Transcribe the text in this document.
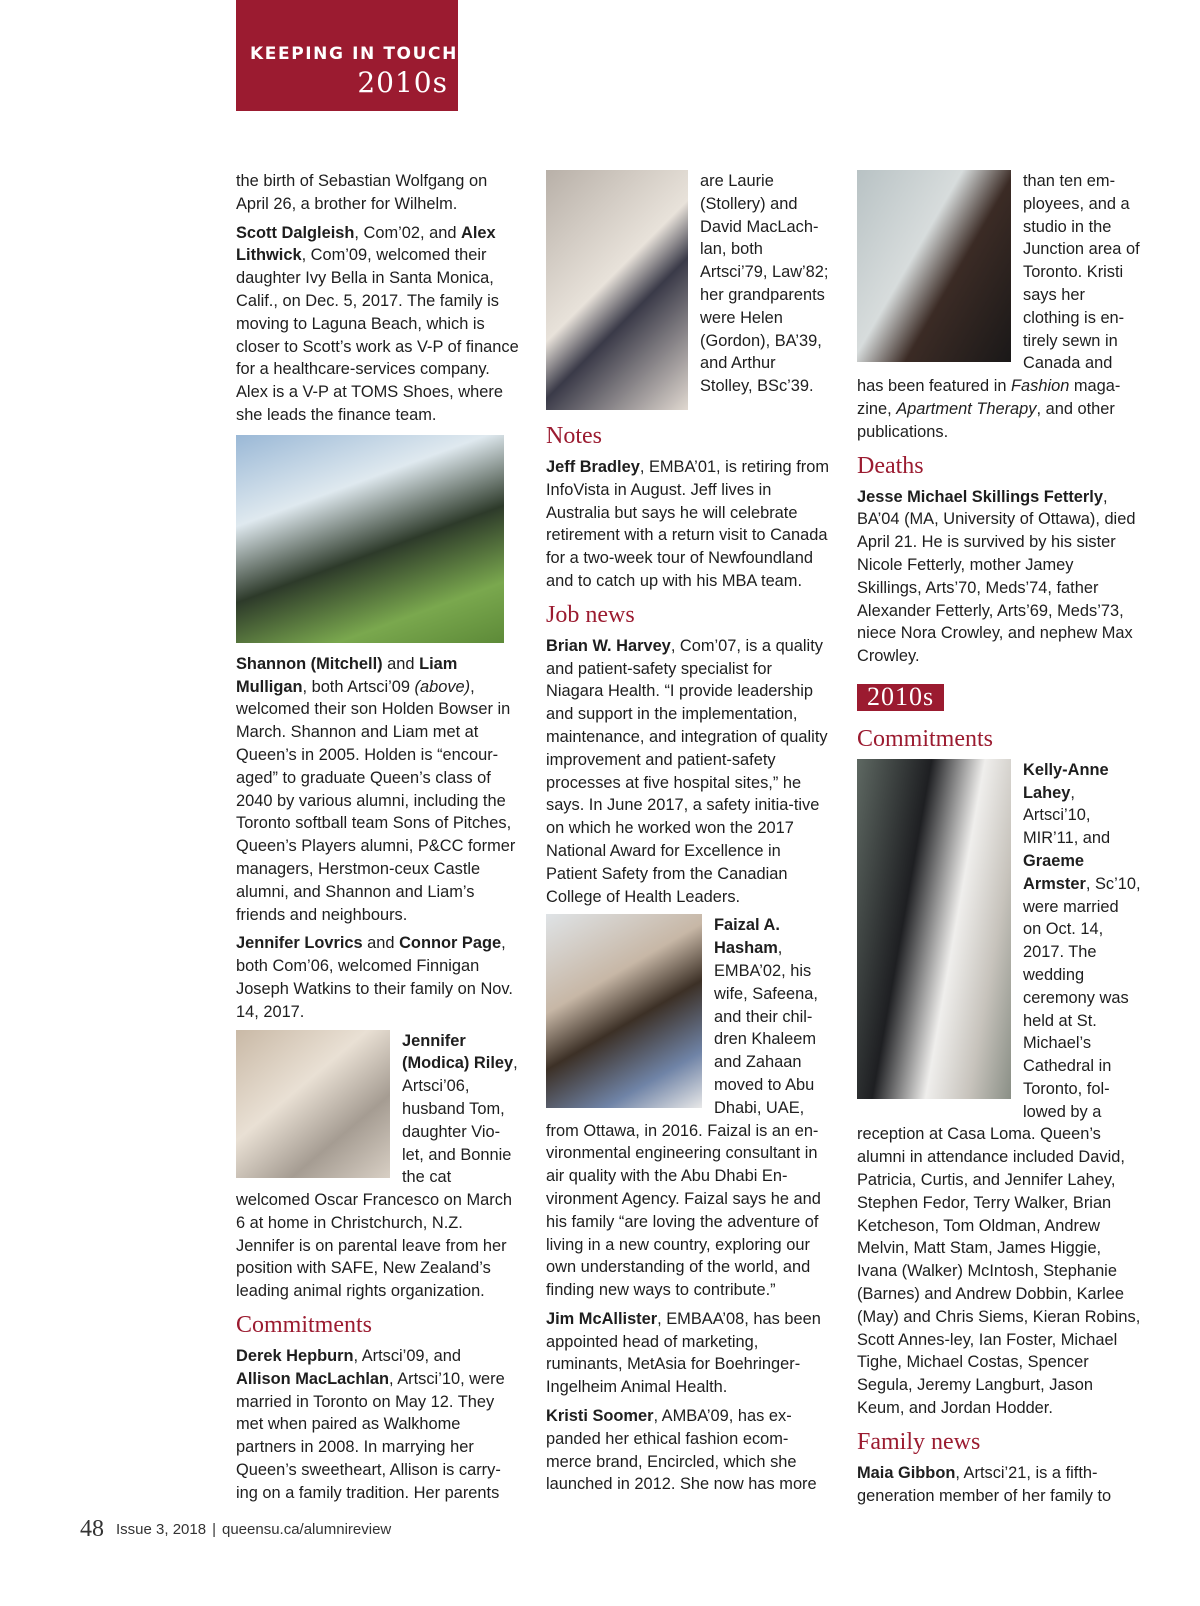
KEEPING IN TOUCH
2010s

the birth of Sebastian Wolfgang on April 26, a brother for Wilhelm.

Scott Dalgleish, Com’02, and Alex Lithwick, Com’09, welcomed their daughter Ivy Bella in Santa Monica, Calif., on Dec. 5, 2017. The family is moving to Laguna Beach, which is closer to Scott’s work as V-P of finance for a healthcare-services company. Alex is a V-P at TOMS Shoes, where she leads the finance team.

Shannon (Mitchell) and Liam Mulligan, both Artsci’09 (above), welcomed their son Holden Bowser in March. Shannon and Liam met at Queen’s in 2005. Holden is “encour-aged” to graduate Queen’s class of 2040 by various alumni, including the Toronto softball team Sons of Pitches, Queen’s Players alumni, P&CC former managers, Herstmon-ceux Castle alumni, and Shannon and Liam’s friends and neighbours.

Jennifer Lovrics and Connor Page, both Com’06, welcomed Finnigan Joseph Watkins to their family on Nov. 14, 2017.

Jennifer (Modica) Riley, Artsci’06, husband Tom, daughter Vio-let, and Bonnie the cat welcomed Oscar Francesco on March 6 at home in Christchurch, N.Z. Jennifer is on parental leave from her position with SAFE, New Zealand’s leading animal rights organization.

Commitments

Derek Hepburn, Artsci’09, and Allison MacLachlan, Artsci’10, were married in Toronto on May 12. They met when paired as Walkhome partners in 2008. In marrying her Queen’s sweetheart, Allison is carry-ing on a family tradition. Her parents

are Laurie (Stollery) and David MacLach-lan, both Artsci’79, Law’82; her grandparents were Helen (Gordon), BA’39, and Arthur Stolley, BSc’39.

Notes

Jeff Bradley, EMBA’01, is retiring from InfoVista in August. Jeff lives in Australia but says he will celebrate retirement with a return visit to Canada for a two-week tour of Newfoundland and to catch up with his MBA team.

Job news

Brian W. Harvey, Com’07, is a quality and patient-safety specialist for Niagara Health. “I provide leadership and support in the implementation, maintenance, and integration of quality improvement and patient-safety processes at five hospital sites,” he says. In June 2017, a safety initia-tive on which he worked won the 2017 National Award for Excellence in Patient Safety from the Canadian College of Health Leaders.

Faizal A. Hasham, EMBA’02, his wife, Safeena, and their chil-dren Khaleem and Zahaan moved to Abu Dhabi, UAE, from Ottawa, in 2016. Faizal is an en-vironmental engineering consultant in air quality with the Abu Dhabi En-vironment Agency. Faizal says he and his family “are loving the adventure of living in a new country, exploring our own understanding of the world, and finding new ways to contribute.”

Jim McAllister, EMBAA’08, has been appointed head of marketing, ruminants, MetAsia for Boehringer-Ingelheim Animal Health.

Kristi Soomer, AMBA’09, has ex-panded her ethical fashion ecom-merce brand, Encircled, which she launched in 2012. She now has more

than ten em-ployees, and a studio in the Junction area of Toronto. Kristi says her clothing is en-tirely sewn in Canada and has been featured in Fashion maga-zine, Apartment Therapy, and other publications.

Deaths

Jesse Michael Skillings Fetterly, BA’04 (MA, University of Ottawa), died April 21. He is survived by his sister Nicole Fetterly, mother Jamey Skillings, Arts’70, Meds’74, father Alexander Fetterly, Arts’69, Meds’73, niece Nora Crowley, and nephew Max Crowley.

2010s
Commitments

Kelly-Anne Lahey, Artsci’10, MIR’11, and Graeme Armster, Sc’10, were married on Oct. 14, 2017. The wedding ceremony was held at St. Michael’s Cathedral in Toronto, fol-lowed by a reception at Casa Loma. Queen’s alumni in attendance included David, Patricia, Curtis, and Jennifer Lahey, Stephen Fedor, Terry Walker, Brian Ketcheson, Tom Oldman, Andrew Melvin, Matt Stam, James Higgie, Ivana (Walker) McIntosh, Stephanie (Barnes) and Andrew Dobbin, Karlee (May) and Chris Siems, Kieran Robins, Scott Annes-ley, Ian Foster, Michael Tighe, Michael Costas, Spencer Segula, Jeremy Langburt, Jason Keum, and Jordan Hodder.

Family news

Maia Gibbon, Artsci’21, is a fifth-generation member of her family to

48 Issue 3, 2018 | queensu.ca/alumnireview
